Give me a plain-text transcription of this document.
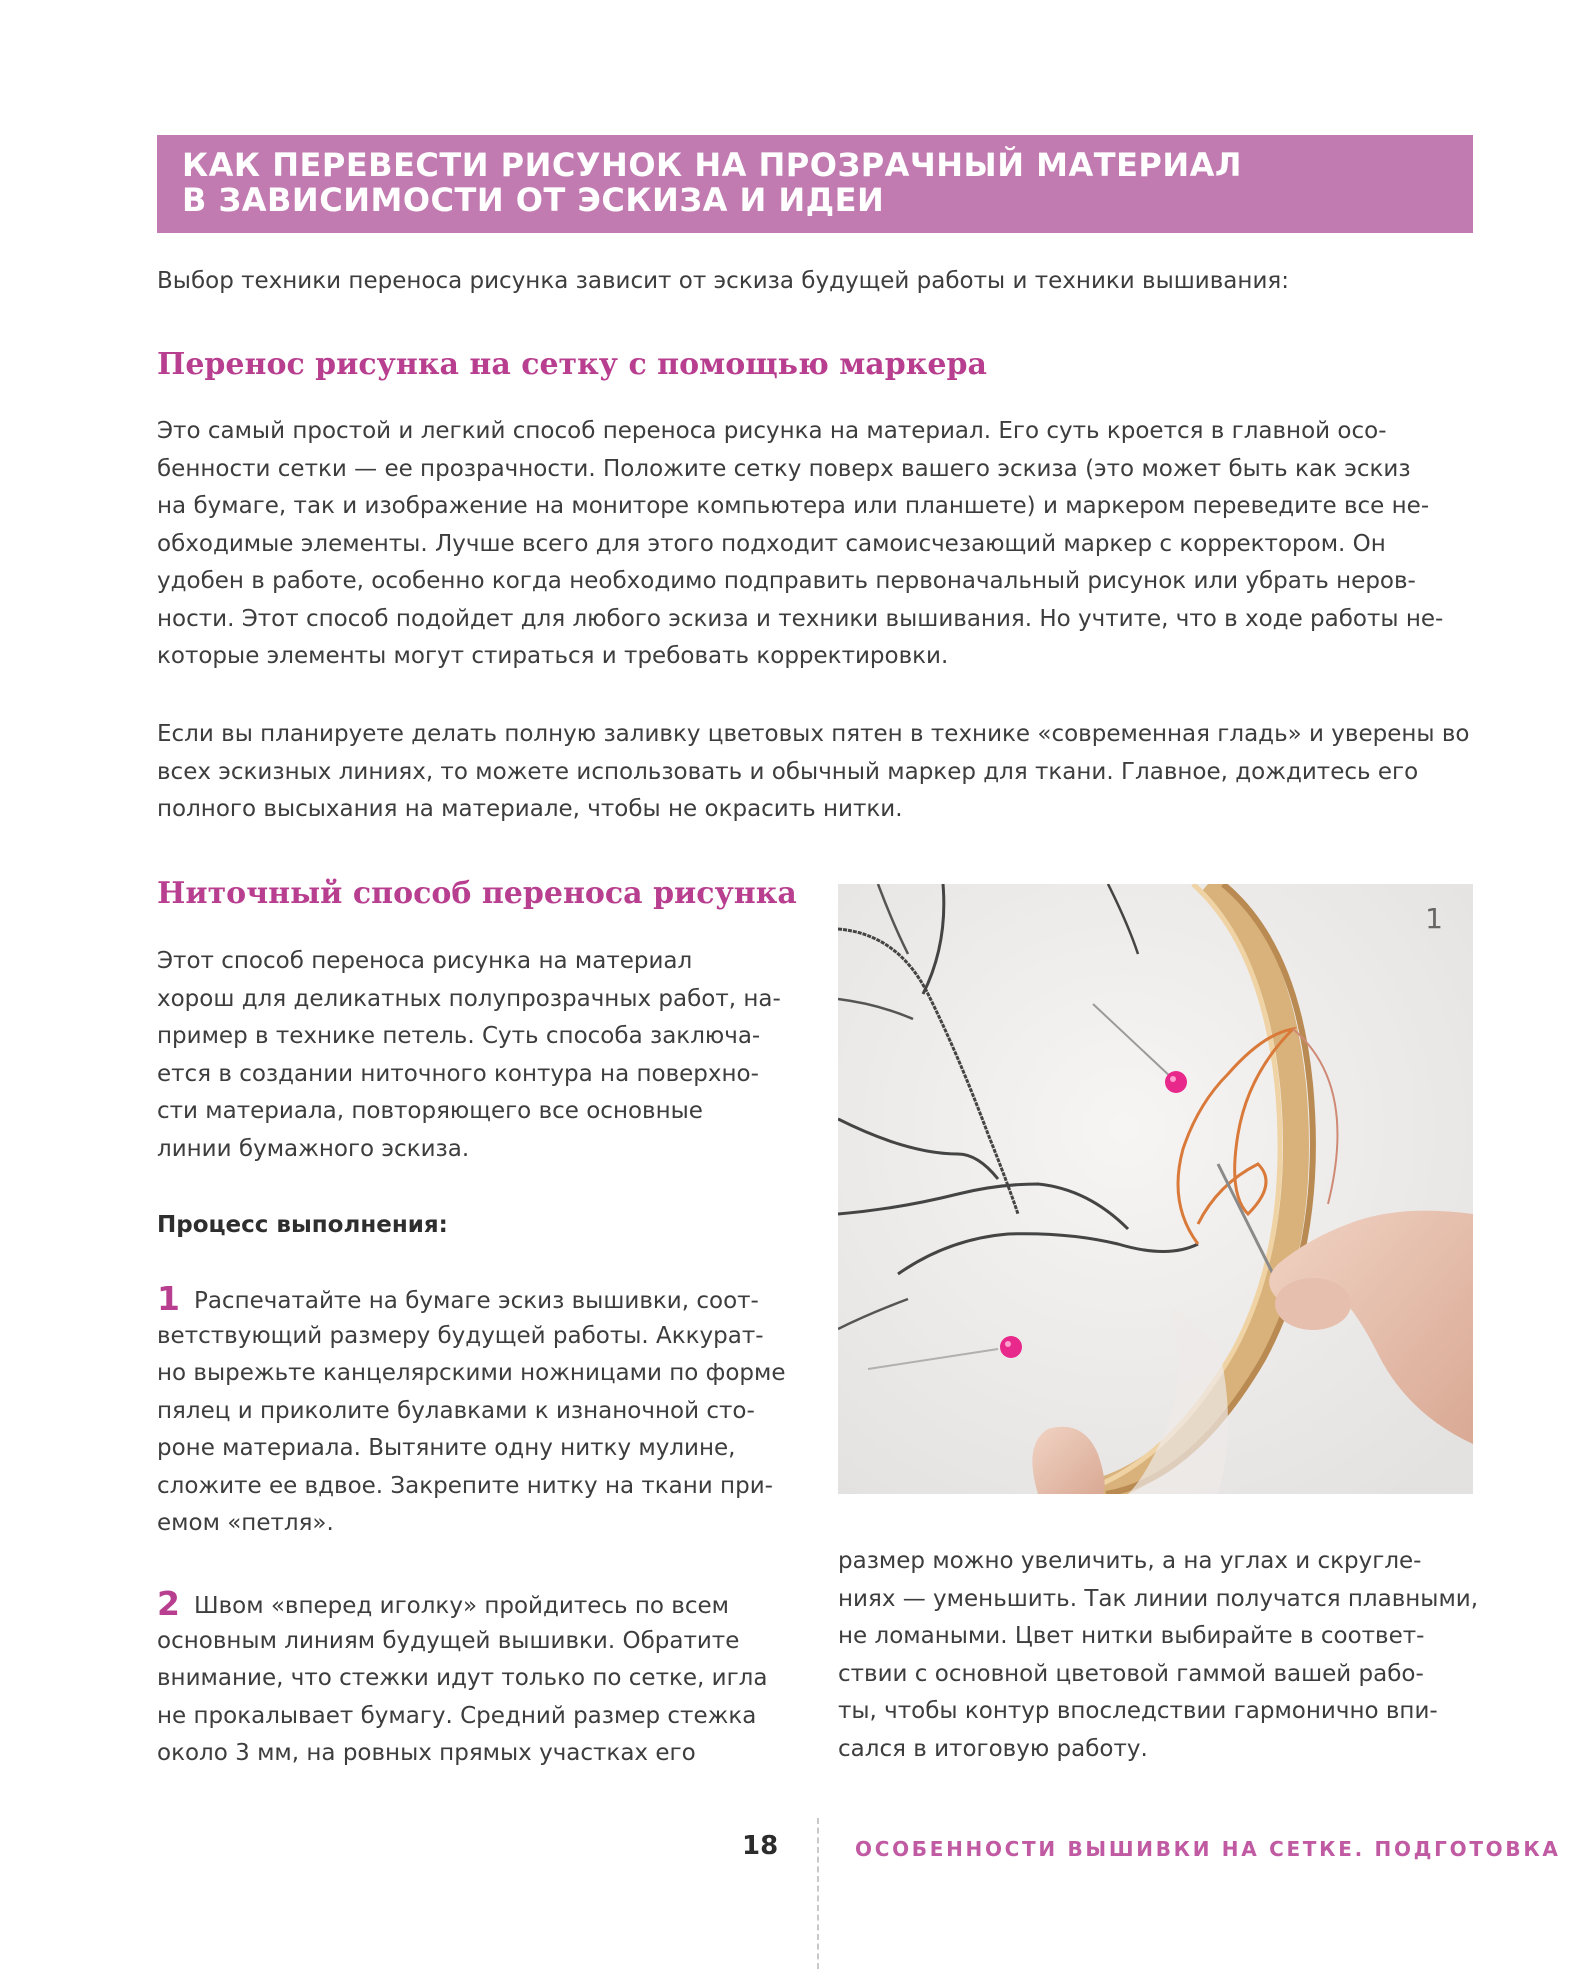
КАК ПЕРЕВЕСТИ РИСУНОК НА ПРОЗРАЧНЫЙ МАТЕРИАЛ
В ЗАВИСИМОСТИ ОТ ЭСКИЗА И ИДЕИ
Выбор техники переноса рисунка зависит от эскиза будущей работы и техники вышивания:
Перенос рисунка на сетку с помощью маркера
Это самый простой и легкий способ переноса рисунка на материал. Его суть кроется в главной осо-
бенности сетки — ее прозрачности. Положите сетку поверх вашего эскиза (это может быть как эскиз
на бумаге, так и изображение на мониторе компьютера или планшете) и маркером переведите все не-
обходимые элементы. Лучше всего для этого подходит самоисчезающий маркер с корректором. Он
удобен в работе, особенно когда необходимо подправить первоначальный рисунок или убрать неров-
ности. Этот способ подойдет для любого эскиза и техники вышивания. Но учтите, что в ходе работы не-
которые элементы могут стираться и требовать корректировки.
Если вы планируете делать полную заливку цветовых пятен в технике «современная гладь» и уверены во
всех эскизных линиях, то можете использовать и обычный маркер для ткани. Главное, дождитесь его
полного высыхания на материале, чтобы не окрасить нитки.
Ниточный способ переноса рисунка
Этот способ переноса рисунка на материал
хорош для деликатных полупрозрачных работ, на-
пример в технике петель. Суть способа заключа-
ется в создании ниточного контура на поверхно-
сти материала, повторяющего все основные
линии бумажного эскиза.
Процесс выполнения:
1 Распечатайте на бумаге эскиз вышивки, соот-
ветствующий размеру будущей работы. Аккурат-
но вырежьте канцелярскими ножницами по форме
пялец и приколите булавками к изнаночной сто-
роне материала. Вытяните одну нитку мулине,
сложите ее вдвое. Закрепите нитку на ткани при-
емом «петля».
2 Швом «вперед иголку» пройдитесь по всем
основным линиям будущей вышивки. Обратите
внимание, что стежки идут только по сетке, игла
не прокалывает бумагу. Средний размер стежка
около 3 мм, на ровных прямых участках его
1
размер можно увеличить, а на углах и скругле-
ниях — уменьшить. Так линии получатся плавными,
не ломаными. Цвет нитки выбирайте в соответ-
ствии с основной цветовой гаммой вашей рабо-
ты, чтобы контур впоследствии гармонично впи-
сался в итоговую работу.
18	ОСОБЕННОСТИ ВЫШИВКИ НА СЕТКЕ. ПОДГОТОВКА
